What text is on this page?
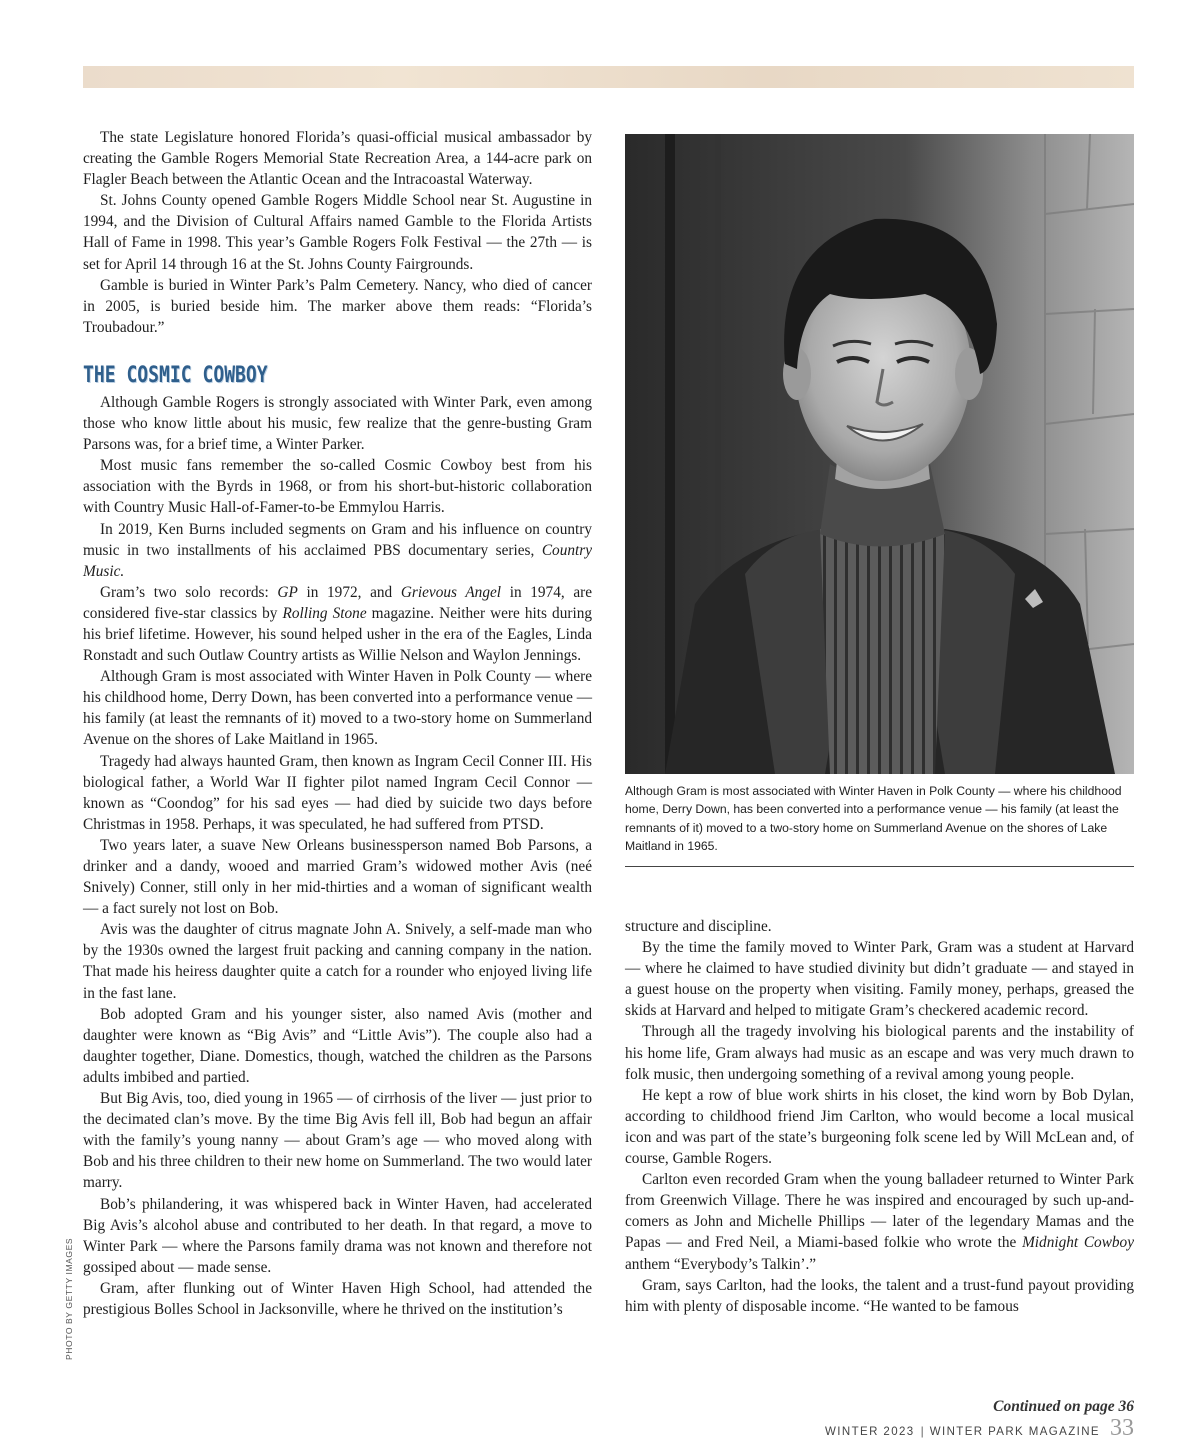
The state Legislature honored Florida’s quasi-official musical ambassador by creating the Gamble Rogers Memorial State Recreation Area, a 144-acre park on Flagler Beach between the Atlantic Ocean and the Intracoastal Waterway.

St. Johns County opened Gamble Rogers Middle School near St. Augustine in 1994, and the Division of Cultural Affairs named Gamble to the Florida Artists Hall of Fame in 1998. This year’s Gamble Rogers Folk Festival — the 27th — is set for April 14 through 16 at the St. Johns County Fairgrounds.

Gamble is buried in Winter Park’s Palm Cemetery. Nancy, who died of cancer in 2005, is buried beside him. The marker above them reads: “Florida’s Troubadour.”

THE COSMIC COWBOY

Although Gamble Rogers is strongly associated with Winter Park, even among those who know little about his music, few realize that the genre-busting Gram Parsons was, for a brief time, a Winter Parker.

Most music fans remember the so-called Cosmic Cowboy best from his association with the Byrds in 1968, or from his short-but-historic collaboration with Country Music Hall-of-Famer-to-be Emmylou Harris.

In 2019, Ken Burns included segments on Gram and his influence on country music in two installments of his acclaimed PBS documentary series, Country Music.

Gram’s two solo records: GP in 1972, and Grievous Angel in 1974, are considered five-star classics by Rolling Stone magazine. Neither were hits during his brief lifetime. However, his sound helped usher in the era of the Eagles, Linda Ronstadt and such Outlaw Country artists as Willie Nelson and Waylon Jennings.

Although Gram is most associated with Winter Haven in Polk County — where his childhood home, Derry Down, has been converted into a performance venue — his family (at least the remnants of it) moved to a two-story home on Summerland Avenue on the shores of Lake Maitland in 1965.

Tragedy had always haunted Gram, then known as Ingram Cecil Conner III. His biological father, a World War II fighter pilot named Ingram Cecil Connor — known as “Coondog” for his sad eyes — had died by suicide two days before Christmas in 1958. Perhaps, it was speculated, he had suffered from PTSD.

Two years later, a suave New Orleans businessperson named Bob Parsons, a drinker and a dandy, wooed and married Gram’s widowed mother Avis (neé Snively) Conner, still only in her mid-thirties and a woman of significant wealth — a fact surely not lost on Bob.

Avis was the daughter of citrus magnate John A. Snively, a self-made man who by the 1930s owned the largest fruit packing and canning company in the nation. That made his heiress daughter quite a catch for a rounder who enjoyed living life in the fast lane.

Bob adopted Gram and his younger sister, also named Avis (mother and daughter were known as “Big Avis” and “Little Avis”). The couple also had a daughter together, Diane. Domestics, though, watched the children as the Parsons adults imbibed and partied.

But Big Avis, too, died young in 1965 — of cirrhosis of the liver — just prior to the decimated clan’s move. By the time Big Avis fell ill, Bob had begun an affair with the family’s young nanny — about Gram’s age — who moved along with Bob and his three children to their new home on Summerland. The two would later marry.

Bob’s philandering, it was whispered back in Winter Haven, had accelerated Big Avis’s alcohol abuse and contributed to her death. In that regard, a move to Winter Park — where the Parsons family drama was not known and therefore not gossiped about — made sense.

Gram, after flunking out of Winter Haven High School, had attended the prestigious Bolles School in Jacksonville, where he thrived on the institution’s

Although Gram is most associated with Winter Haven in Polk County — where his childhood home, Derry Down, has been converted into a performance venue — his family (at least the remnants of it) moved to a two-story home on Summerland Avenue on the shores of Lake Maitland in 1965.

structure and discipline.

By the time the family moved to Winter Park, Gram was a student at Harvard — where he claimed to have studied divinity but didn’t graduate — and stayed in a guest house on the property when visiting. Family money, perhaps, greased the skids at Harvard and helped to mitigate Gram’s checkered academic record.

Through all the tragedy involving his biological parents and the instability of his home life, Gram always had music as an escape and was very much drawn to folk music, then undergoing something of a revival among young people.

He kept a row of blue work shirts in his closet, the kind worn by Bob Dylan, according to childhood friend Jim Carlton, who would become a local musical icon and was part of the state’s burgeoning folk scene led by Will McLean and, of course, Gamble Rogers.

Carlton even recorded Gram when the young balladeer returned to Winter Park from Greenwich Village. There he was inspired and encouraged by such up-and-comers as John and Michelle Phillips — later of the legendary Mamas and the Papas — and Fred Neil, a Miami-based folkie who wrote the Midnight Cowboy anthem “Everybody’s Talkin’.”

Gram, says Carlton, had the looks, the talent and a trust-fund payout providing him with plenty of disposable income. “He wanted to be famous

PHOTO BY GETTY IMAGES
Continued on page 36
WINTER 2023 | WINTER PARK MAGAZINE 33
